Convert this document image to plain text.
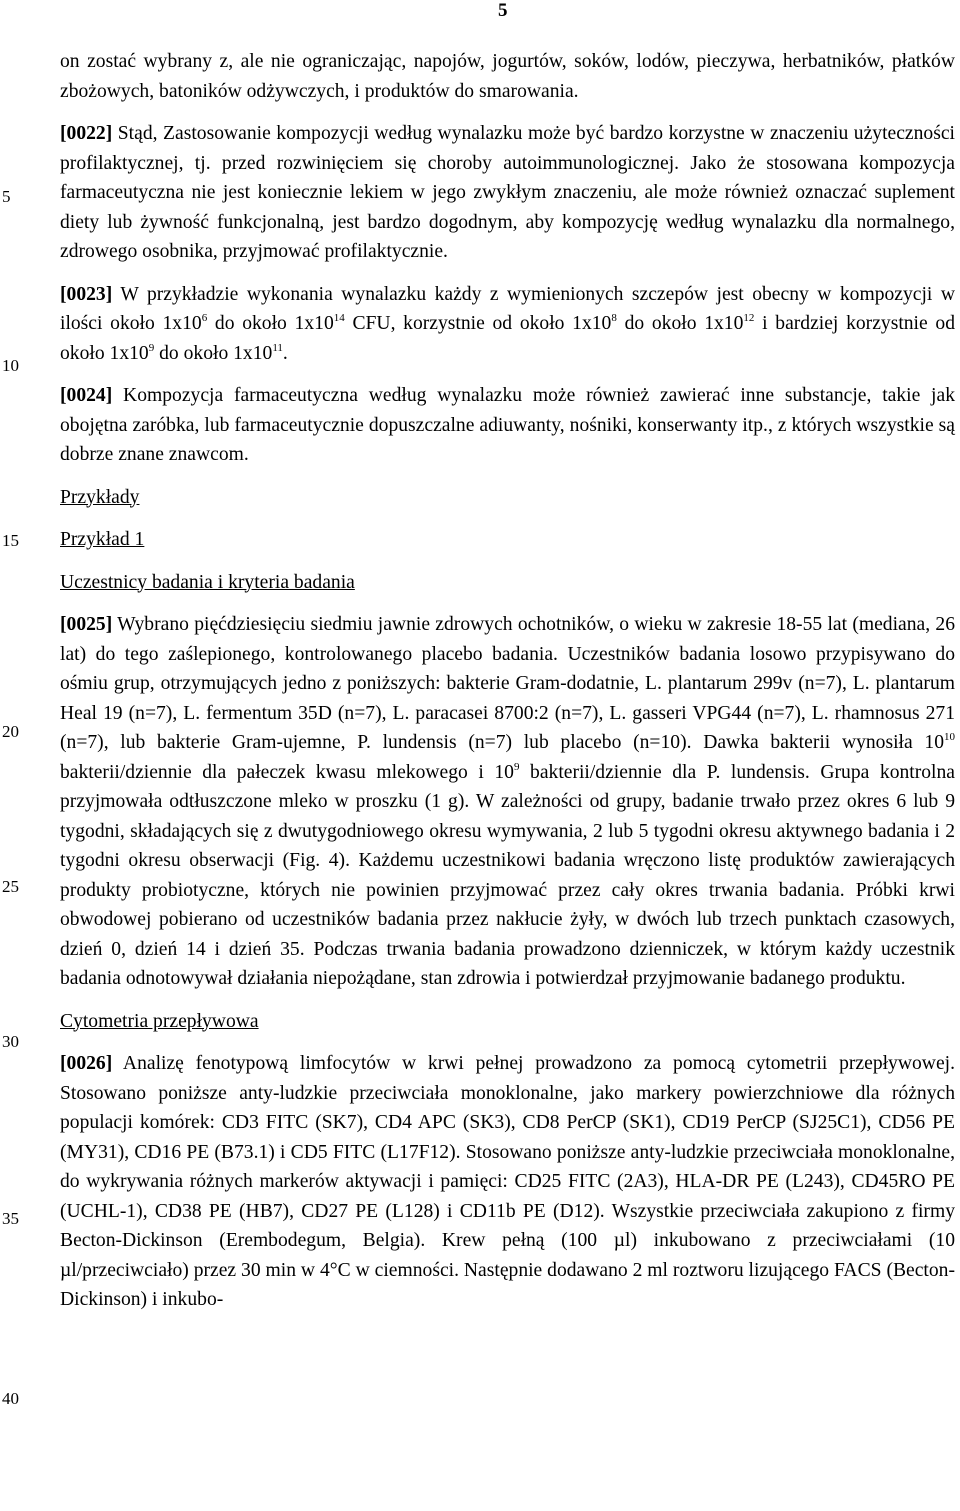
5
5
10
15
20
25
30
35
40

on zostać wybrany z, ale nie ograniczając, napojów, jogurtów, soków, lodów, pieczywa, herbatników, płatków zbożowych, batoników odżywczych, i produktów do smarowania.

[0022] Stąd, Zastosowanie kompozycji według wynalazku może być bardzo korzystne w znaczeniu użyteczności profilaktycznej, tj. przed rozwinięciem się choroby autoimmunologicznej. Jako że stosowana kompozycja farmaceutyczna nie jest koniecznie lekiem w jego zwykłym znaczeniu, ale może również oznaczać suplement diety lub żywność funkcjonalną, jest bardzo dogodnym, aby kompozycję według wynalazku dla normalnego, zdrowego osobnika, przyjmować profilaktycznie.

[0023] W przykładzie wykonania wynalazku każdy z wymienionych szczepów jest obecny w kompozycji w ilości około $1x10^6$ do około $1x10^{14}$ CFU, korzystnie od około $1x10^8$ do około $1x10^{12}$ i bardziej korzystnie od około $1x10^9$ do około $1x10^{11}$.

[0024] Kompozycja farmaceutyczna według wynalazku może również zawierać inne substancje, takie jak obojętna zaróbka, lub farmaceutycznie dopuszczalne adiuwanty, nośniki, konserwanty itp., z których wszystkie są dobrze znane znawcom.

Przykłady

Przykład 1

Uczestnicy badania i kryteria badania

[0025] Wybrano pięćdziesięciu siedmiu jawnie zdrowych ochotników, o wieku w zakresie 18-55 lat (mediana, 26 lat) do tego zaślepionego, kontrolowanego placebo badania. Uczestników badania losowo przypisywano do ośmiu grup, otrzymujących jedno z poniższych: bakterie Gram-dodatnie, L. plantarum 299v (n=7), L. plantarum Heal 19 (n=7), L. fermentum 35D (n=7), L. paracasei 8700:2 (n=7), L. gasseri VPG44 (n=7), L. rhamnosus 271 (n=7), lub bakterie Gram-ujemne, P. lundensis (n=7) lub placebo (n=10). Dawka bakterii wynosiła $10^{10}$ bakterii/dziennie dla pałeczek kwasu mlekowego i $10^9$ bakterii/dziennie dla P. lundensis. Grupa kontrolna przyjmowała odtłuszczone mleko w proszku (1 g). W zależności od grupy, badanie trwało przez okres 6 lub 9 tygodni, składających się z dwutygodniowego okresu wymywania, 2 lub 5 tygodni okresu aktywnego badania i 2 tygodni okresu obserwacji (Fig. 4). Każdemu uczestnikowi badania wręczono listę produktów zawierających produkty probiotyczne, których nie powinien przyjmować przez cały okres trwania badania. Próbki krwi obwodowej pobierano od uczestników badania przez nakłucie żyły, w dwóch lub trzech punktach czasowych, dzień 0, dzień 14 i dzień 35. Podczas trwania badania prowadzono dzienniczek, w którym każdy uczestnik badania odnotowywał działania niepożądane, stan zdrowia i potwierdzał przyjmowanie badanego produktu.

Cytometria przepływowa

[0026] Analizę fenotypową limfocytów w krwi pełnej prowadzono za pomocą cytometrii przepływowej. Stosowano poniższe anty-ludzkie przeciwciała monoklonalne, jako markery powierzchniowe dla różnych populacji komórek: CD3 FITC (SK7), CD4 APC (SK3), CD8 PerCP (SK1), CD19 PerCP (SJ25C1), CD56 PE (MY31), CD16 PE (B73.1) i CD5 FITC (L17F12). Stosowano poniższe anty-ludzkie przeciwciała monoklonalne, do wykrywania różnych markerów aktywacji i pamięci: CD25 FITC (2A3), HLA-DR PE (L243), CD45RO PE (UCHL-1), CD38 PE (HB7), CD27 PE (L128) i CD11b PE (D12). Wszystkie przeciwciała zakupiono z firmy Becton-Dickinson (Erembodegum, Belgia). Krew pełną (100 µl) inkubowano z przeciwciałami (10 µl/przeciwciało) przez 30 min w 4°C w ciemności. Następnie dodawano 2 ml roztworu lizującego FACS (Becton-Dickinson) i inkubo-
